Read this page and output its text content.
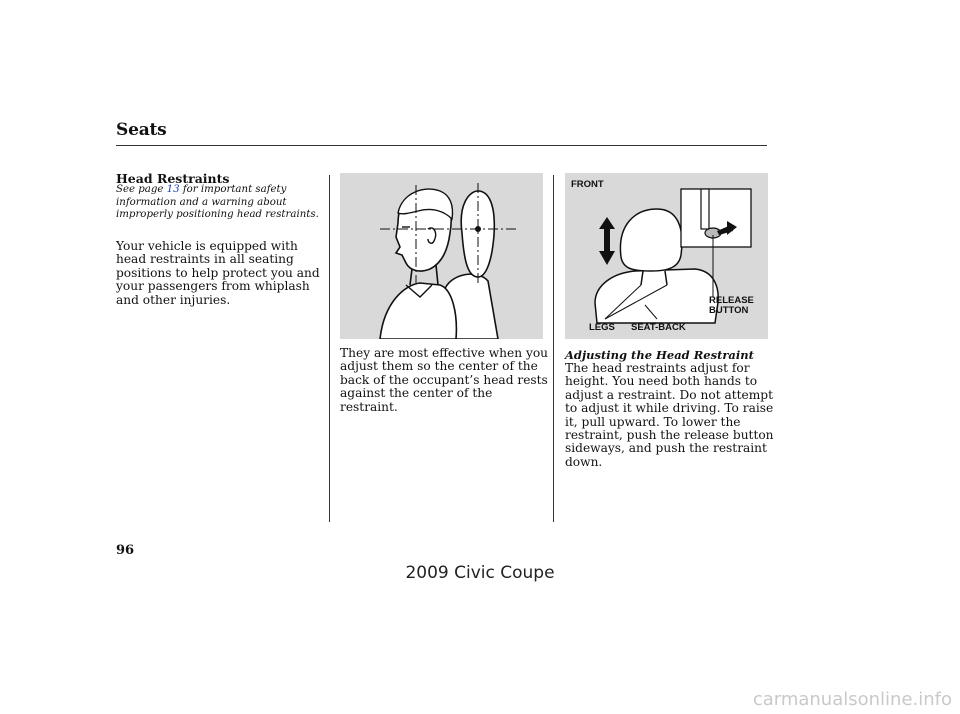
Seats
Head Restraints
See page 13 for important safety information and a warning about improperly positioning head restraints.
Your vehicle is equipped with head restraints in all seating positions to help protect you and your passengers from whiplash and other injuries.
They are most effective when you adjust them so the center of the back of the occupant’s head rests against the center of the restraint.
FRONT
RELEASE
BUTTON
LEGS SEAT-BACK
Adjusting the Head Restraint
The head restraints adjust for height. You need both hands to adjust a restraint. Do not attempt to adjust it while driving. To raise it, pull upward. To lower the restraint, push the release button sideways, and push the restraint down.
96
2009 Civic Coupe
carmanualsonline.info
